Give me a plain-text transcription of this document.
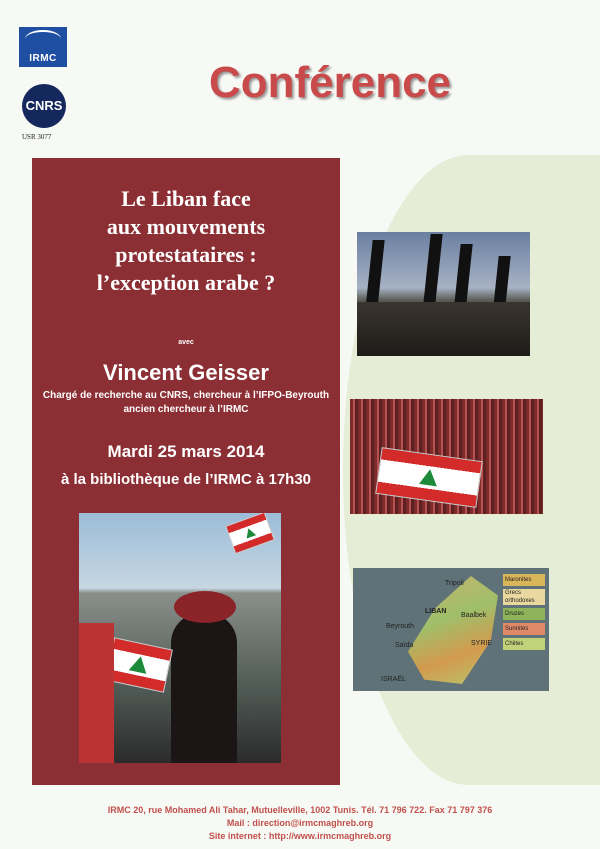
IRMC
CNRS
USR 3077
Conférence
Le Liban face
aux mouvements
protestataires :
l’exception arabe ?
avec
Vincent Geisser
Chargé de recherche au CNRS, chercheur à l’IFPO-Beyrouth
ancien chercheur à l’IRMC
Mardi 25 mars 2014
à la bibliothèque de l’IRMC à 17h30
Tripoli
LIBAN
Beyrouth
Saïda
ISRAËL
SYRIE
Baalbek
Maronites
Grecs orthodoxes
Druzes
Sunnites
Chiites
IRMC 20, rue Mohamed Ali Tahar, Mutuelleville, 1002 Tunis. Tél. 71 796 722. Fax 71 797 376
Mail : direction@irmcmaghreb.org
Site internet : http://www.irmcmaghreb.org
